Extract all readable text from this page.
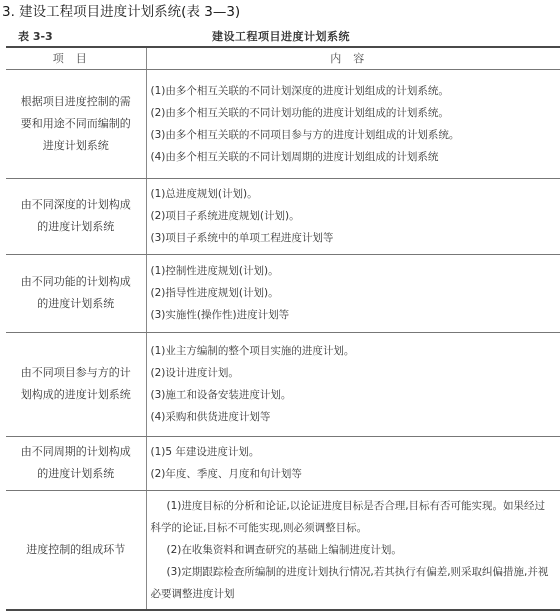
3. 建设工程项目进度计划系统(表 3—3)
表 3-3	建设工程项目进度计划系统
项目	内容
根据项目进度控制的需要和用途不同而编制的进度计划系统	(1)由多个相互关联的不同计划深度的进度计划组成的计划系统。
(2)由多个相互关联的不同计划功能的进度计划组成的计划系统。
(3)由多个相互关联的不同项目参与方的进度计划组成的计划系统。
(4)由多个相互关联的不同计划周期的进度计划组成的计划系统

由不同深度的计划构成的进度计划系统	(1)总进度规划(计划)。
(2)项目子系统进度规划(计划)。
(3)项目子系统中的单项工程进度计划等

由不同功能的计划构成的进度计划系统	(1)控制性进度规划(计划)。
(2)指导性进度规划(计划)。
(3)实施性(操作性)进度计划等

由不同项目参与方的计划构成的进度计划系统	(1)业主方编制的整个项目实施的进度计划。
(2)设计进度计划。
(3)施工和设备安装进度计划。
(4)采购和供货进度计划等

由不同周期的计划构成的进度计划系统	(1)5 年建设进度计划。
(2)年度、季度、月度和旬计划等

进度控制的组成环节	(1)进度目标的分析和论证,以论证进度目标是否合理,目标有否可能实现。如果经过科学的论证,目标不可能实现,则必须调整目标。
(2)在收集资料和调查研究的基础上编制进度计划。
(3)定期跟踪检查所编制的进度计划执行情况,若其执行有偏差,则采取纠偏措施,并视必要调整进度计划
